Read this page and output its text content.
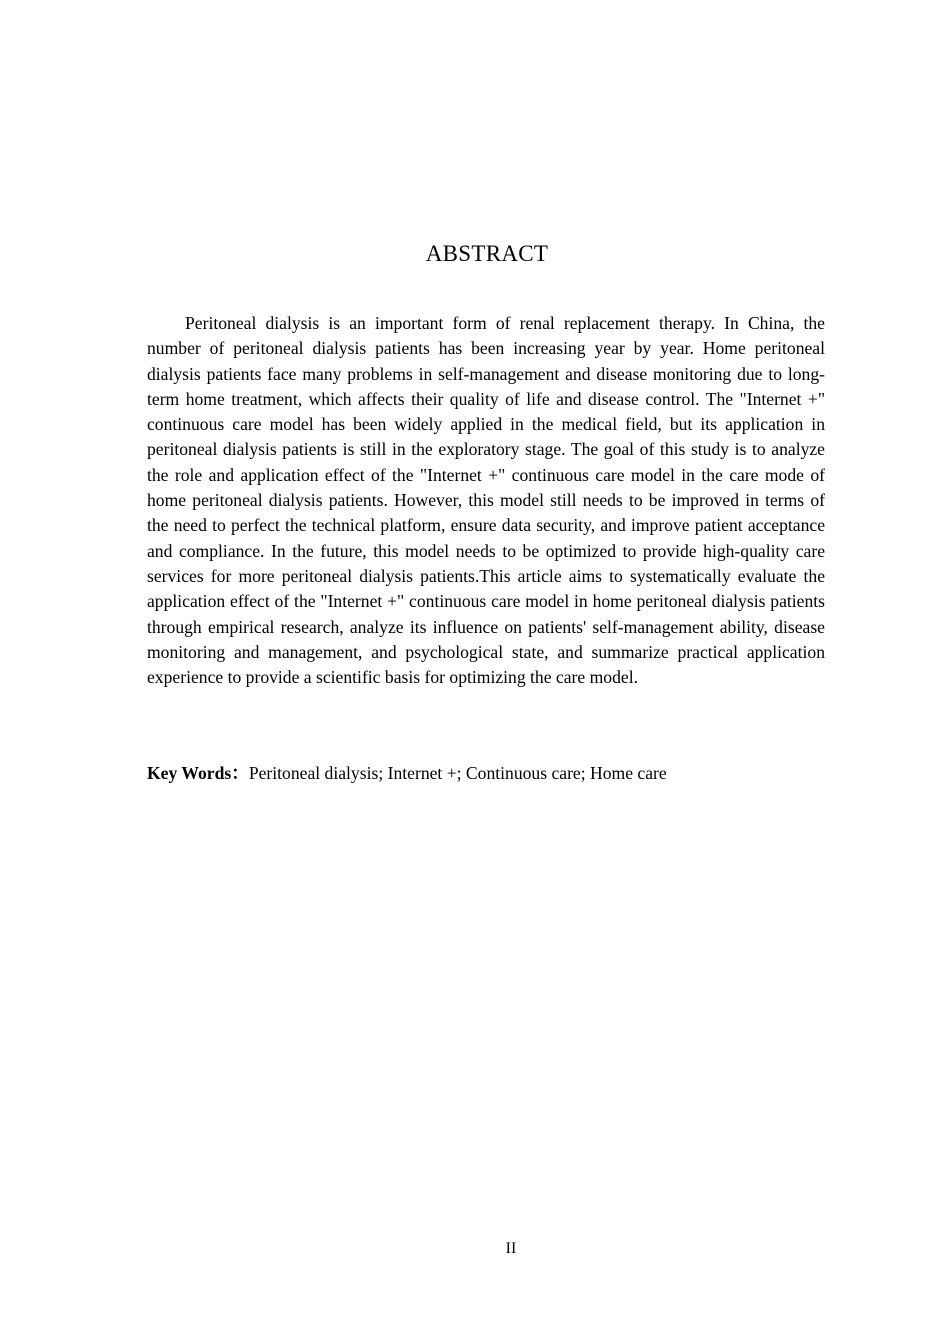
ABSTRACT

Peritoneal dialysis is an important form of renal replacement therapy. In China, the number of peritoneal dialysis patients has been increasing year by year. Home peritoneal dialysis patients face many problems in self-management and disease monitoring due to long-term home treatment, which affects their quality of life and disease control. The "Internet +" continuous care model has been widely applied in the medical field, but its application in peritoneal dialysis patients is still in the exploratory stage. The goal of this study is to analyze the role and application effect of the "Internet +" continuous care model in the care mode of home peritoneal dialysis patients. However, this model still needs to be improved in terms of the need to perfect the technical platform, ensure data security, and improve patient acceptance and compliance. In the future, this model needs to be optimized to provide high-quality care services for more peritoneal dialysis patients.This article aims to systematically evaluate the application effect of the "Internet +" continuous care model in home peritoneal dialysis patients through empirical research, analyze its influence on patients' self-management ability, disease monitoring and management, and psychological state, and summarize practical application experience to provide a scientific basis for optimizing the care model.

Key Words：Peritoneal dialysis; Internet +; Continuous care; Home care

II
